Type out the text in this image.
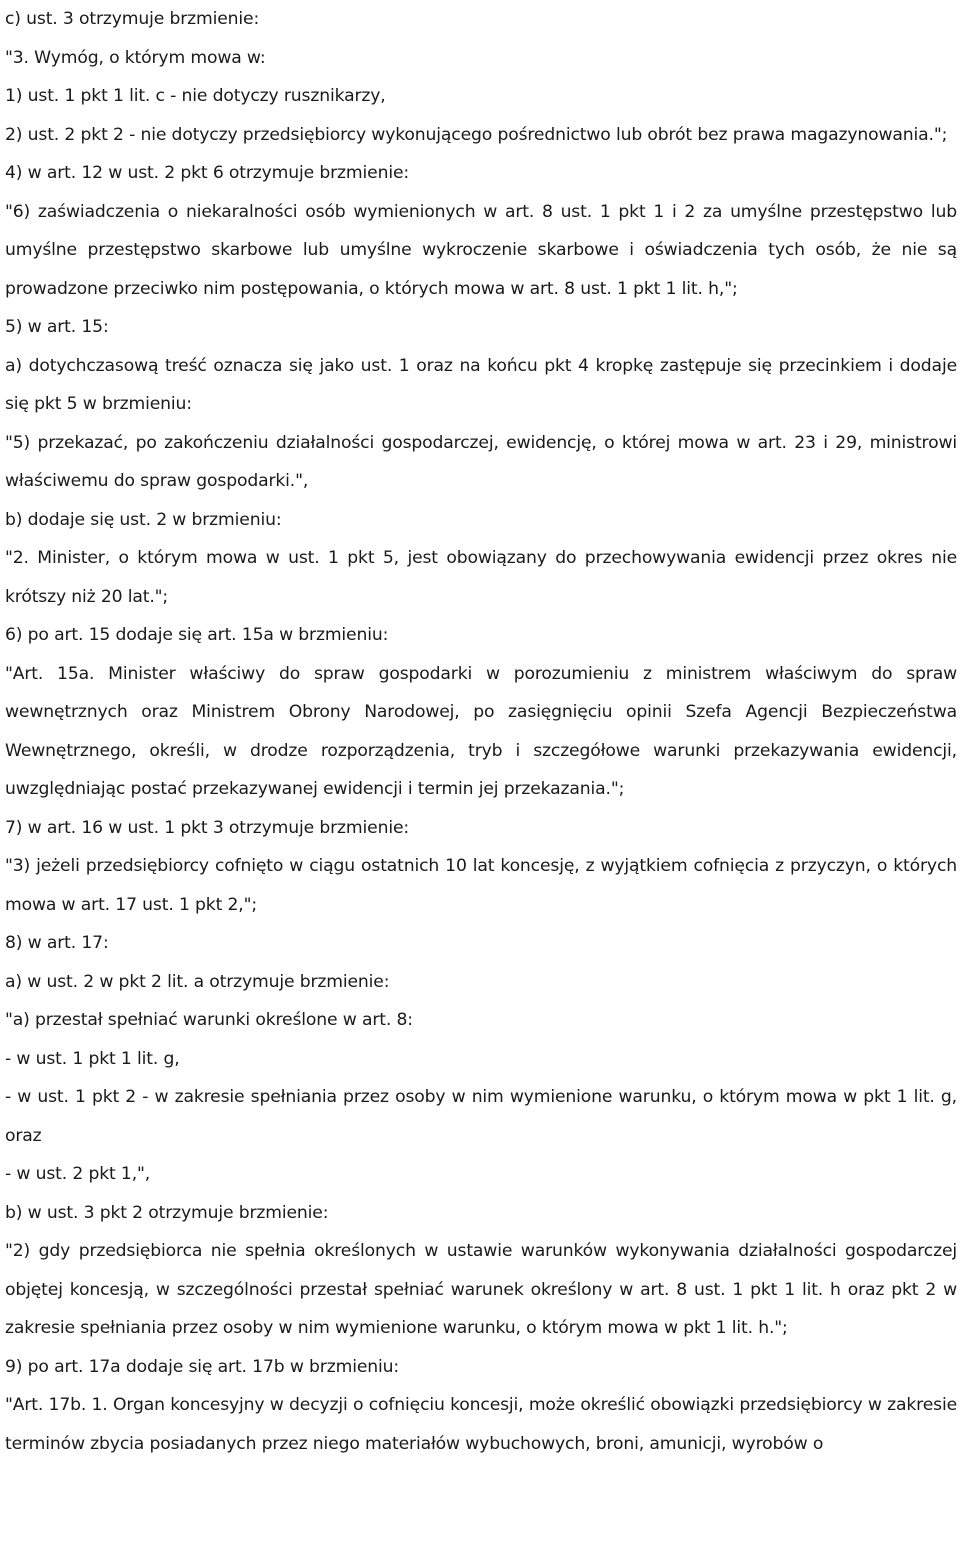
c) ust. 3 otrzymuje brzmienie:

"3. Wymóg, o którym mowa w:

1) ust. 1 pkt 1 lit. c - nie dotyczy rusznikarzy,

2) ust. 2 pkt 2 - nie dotyczy przedsiębiorcy wykonującego pośrednictwo lub obrót bez prawa magazynowania.";

4) w art. 12 w ust. 2 pkt 6 otrzymuje brzmienie:

"6) zaświadczenia o niekaralności osób wymienionych w art. 8 ust. 1 pkt 1 i 2 za umyślne przestępstwo lub umyślne przestępstwo skarbowe lub umyślne wykroczenie skarbowe i oświadczenia tych osób, że nie są prowadzone przeciwko nim postępowania, o których mowa w art. 8 ust. 1 pkt 1 lit. h,";

5) w art. 15:

a) dotychczasową treść oznacza się jako ust. 1 oraz na końcu pkt 4 kropkę zastępuje się przecinkiem i dodaje się pkt 5 w brzmieniu:

"5) przekazać, po zakończeniu działalności gospodarczej, ewidencję, o której mowa w art. 23 i 29, ministrowi właściwemu do spraw gospodarki.",

b) dodaje się ust. 2 w brzmieniu:

"2. Minister, o którym mowa w ust. 1 pkt 5, jest obowiązany do przechowywania ewidencji przez okres nie krótszy niż 20 lat.";

6) po art. 15 dodaje się art. 15a w brzmieniu:

"Art. 15a. Minister właściwy do spraw gospodarki w porozumieniu z ministrem właściwym do spraw wewnętrznych oraz Ministrem Obrony Narodowej, po zasięgnięciu opinii Szefa Agencji Bezpieczeństwa Wewnętrznego, określi, w drodze rozporządzenia, tryb i szczegółowe warunki przekazywania ewidencji, uwzględniając postać przekazywanej ewidencji i termin jej przekazania.";

7) w art. 16 w ust. 1 pkt 3 otrzymuje brzmienie:

"3) jeżeli przedsiębiorcy cofnięto w ciągu ostatnich 10 lat koncesję, z wyjątkiem cofnięcia z przyczyn, o których mowa w art. 17 ust. 1 pkt 2,";

8) w art. 17:

a) w ust. 2 w pkt 2 lit. a otrzymuje brzmienie:

"a) przestał spełniać warunki określone w art. 8:

- w ust. 1 pkt 1 lit. g,

- w ust. 1 pkt 2 - w zakresie spełniania przez osoby w nim wymienione warunku, o którym mowa w pkt 1 lit. g, oraz

- w ust. 2 pkt 1,",

b) w ust. 3 pkt 2 otrzymuje brzmienie:

"2) gdy przedsiębiorca nie spełnia określonych w ustawie warunków wykonywania działalności gospodarczej objętej koncesją, w szczególności przestał spełniać warunek określony w art. 8 ust. 1 pkt 1 lit. h oraz pkt 2 w zakresie spełniania przez osoby w nim wymienione warunku, o którym mowa w pkt 1 lit. h.";

9) po art. 17a dodaje się art. 17b w brzmieniu:

"Art. 17b. 1. Organ koncesyjny w decyzji o cofnięciu koncesji, może określić obowiązki przedsiębiorcy w zakresie terminów zbycia posiadanych przez niego materiałów wybuchowych, broni, amunicji, wyrobów o
